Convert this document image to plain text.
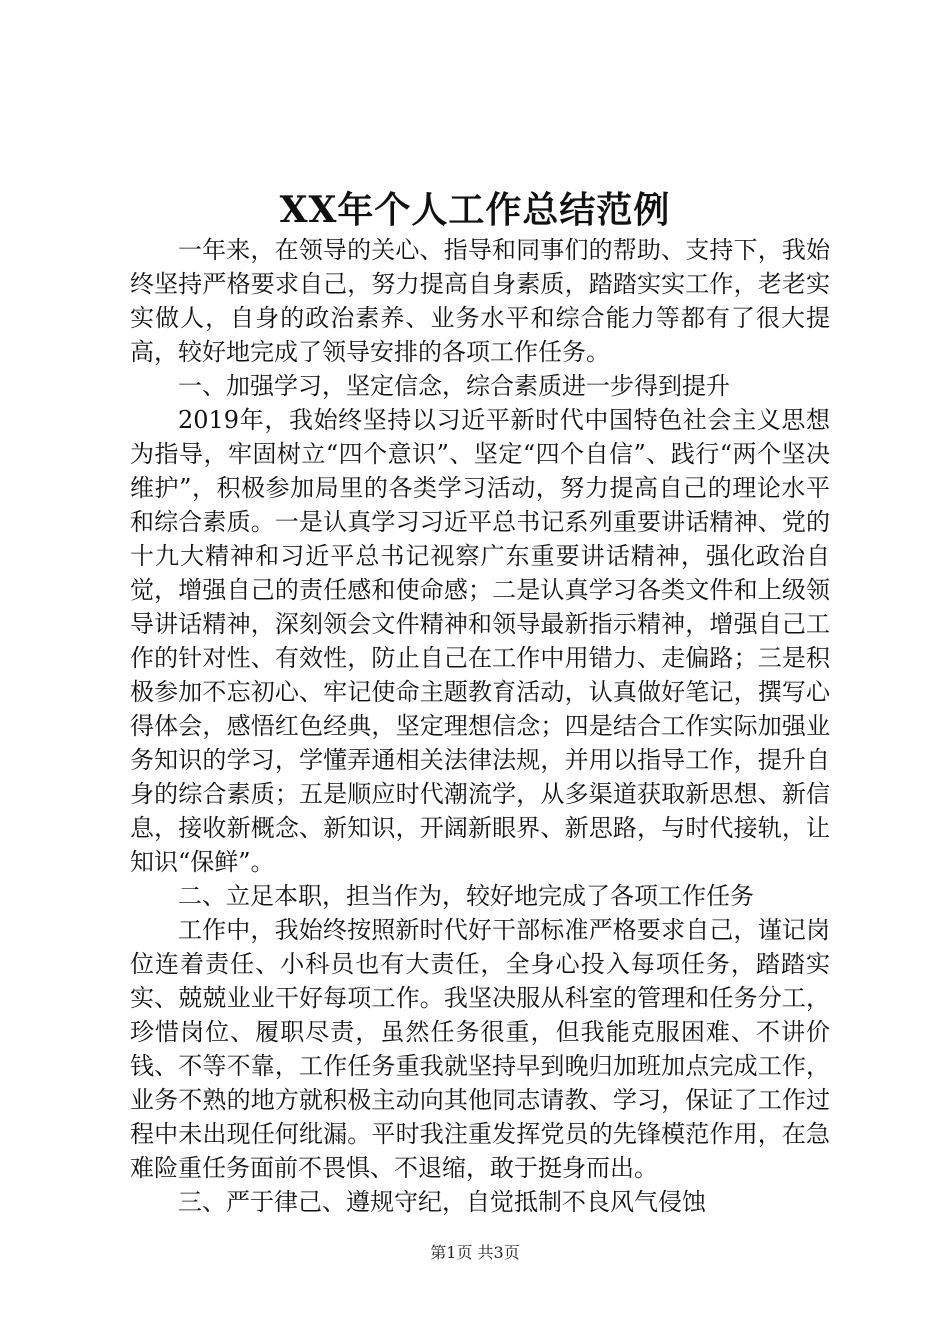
XX年个人工作总结范例

一年来，在领导的关心、指导和同事们的帮助、支持下，我始终坚持严格要求自己，努力提高自身素质，踏踏实实工作，老老实实做人，自身的政治素养、业务水平和综合能力等都有了很大提高，较好地完成了领导安排的各项工作任务。

一、加强学习，坚定信念，综合素质进一步得到提升

2019年，我始终坚持以习近平新时代中国特色社会主义思想为指导，牢固树立“四个意识”、坚定“四个自信”、践行“两个坚决维护”，积极参加局里的各类学习活动，努力提高自己的理论水平和综合素质。一是认真学习习近平总书记系列重要讲话精神、党的十九大精神和习近平总书记视察广东重要讲话精神，强化政治自觉，增强自己的责任感和使命感；二是认真学习各类文件和上级领导讲话精神，深刻领会文件精神和领导最新指示精神，增强自己工作的针对性、有效性，防止自己在工作中用错力、走偏路；三是积极参加不忘初心、牢记使命主题教育活动，认真做好笔记，撰写心得体会，感悟红色经典，坚定理想信念；四是结合工作实际加强业务知识的学习，学懂弄通相关法律法规，并用以指导工作，提升自身的综合素质；五是顺应时代潮流学，从多渠道获取新思想、新信息，接收新概念、新知识，开阔新眼界、新思路，与时代接轨，让知识“保鲜”。

二、立足本职，担当作为，较好地完成了各项工作任务

工作中，我始终按照新时代好干部标准严格要求自己，谨记岗位连着责任、小科员也有大责任，全身心投入每项任务，踏踏实实、兢兢业业干好每项工作。我坚决服从科室的管理和任务分工，珍惜岗位、履职尽责，虽然任务很重，但我能克服困难、不讲价钱、不等不靠，工作任务重我就坚持早到晚归加班加点完成工作，业务不熟的地方就积极主动向其他同志请教、学习，保证了工作过程中未出现任何纰漏。平时我注重发挥党员的先锋模范作用，在急难险重任务面前不畏惧、不退缩，敢于挺身而出。

三、严于律己、遵规守纪，自觉抵制不良风气侵蚀

第1页 共3页
